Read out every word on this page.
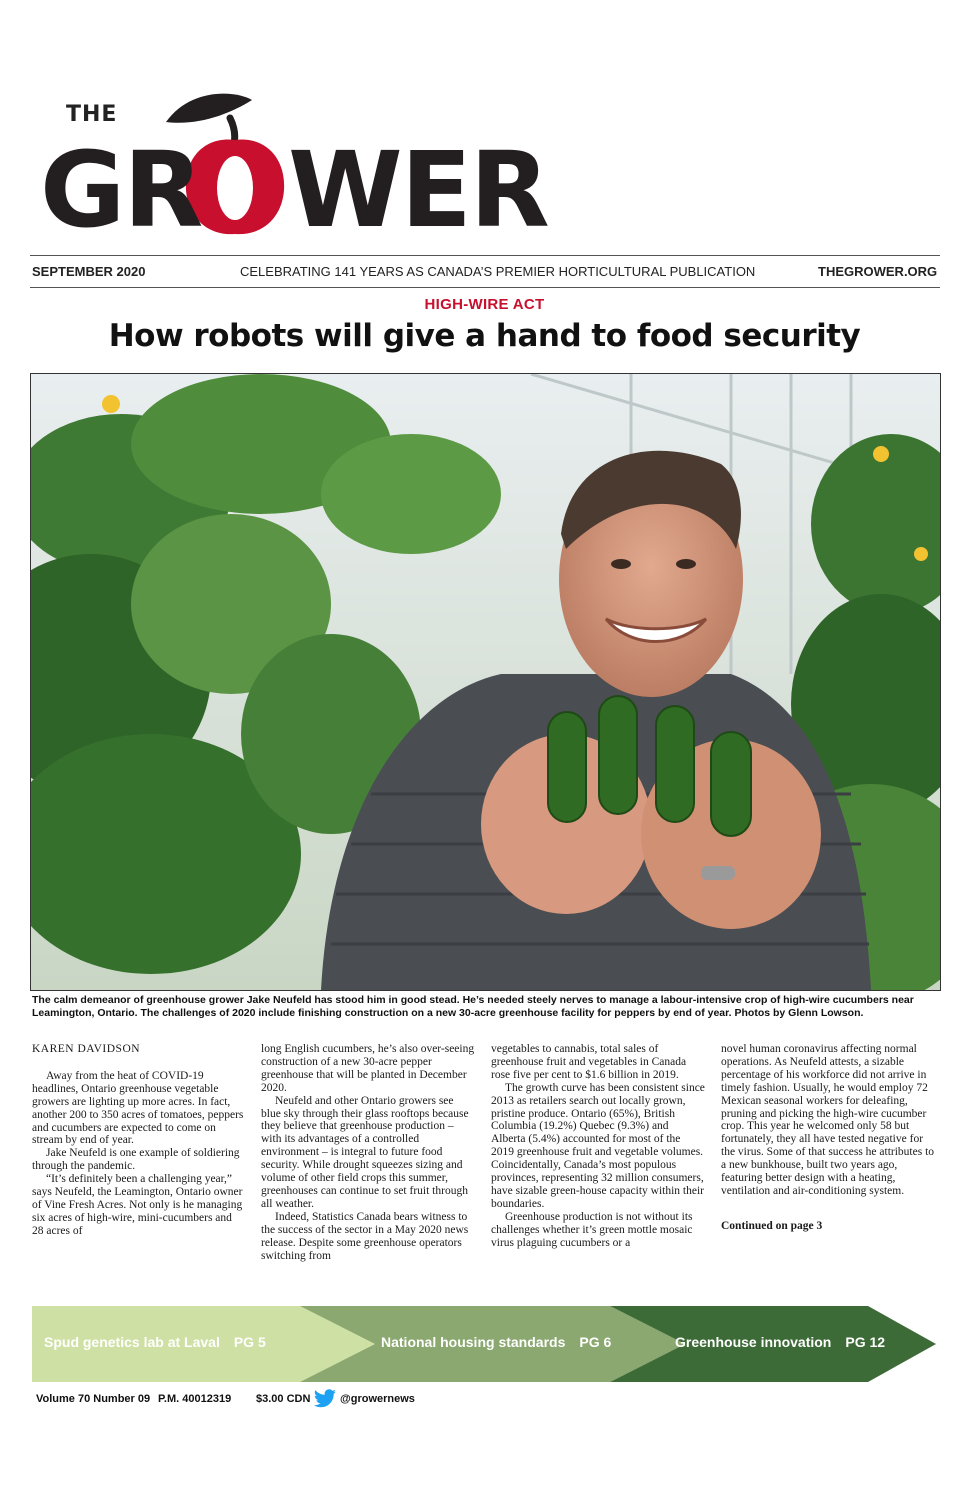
THE
GR WER
SEPTEMBER 2020	CELEBRATING 141 YEARS AS CANADA’S PREMIER HORTICULTURAL PUBLICATION	THEGROWER.ORG
HIGH-WIRE ACT
How robots will give a hand to food security
The calm demeanor of greenhouse grower Jake Neufeld has stood him in good stead. He’s needed steely nerves to manage a labour-intensive crop of high-wire cucumbers near Leamington, Ontario. The challenges of 2020 include finishing construction on a new 30-acre greenhouse facility for peppers by end of year. Photos by Glenn Lowson.

KAREN DAVIDSON

Away from the heat of COVID-19 headlines, Ontario greenhouse vegetable growers are lighting up more acres. In fact, another 200 to 350 acres of tomatoes, peppers and cucumbers are expected to come on stream by end of year.

Jake Neufeld is one example of soldiering through the pandemic.

“It’s definitely been a challenging year,” says Neufeld, the Leamington, Ontario owner of Vine Fresh Acres. Not only is he managing six acres of high-wire, mini-cucumbers and 28 acres of

long English cucumbers, he’s also over-seeing construction of a new 30-acre pepper greenhouse that will be planted in December 2020.

Neufeld and other Ontario growers see blue sky through their glass rooftops because they believe that greenhouse production – with its advantages of a controlled environment – is integral to future food security. While drought squeezes sizing and volume of other field crops this summer, greenhouses can continue to set fruit through all weather.

Indeed, Statistics Canada bears witness to the success of the sector in a May 2020 news release. Despite some greenhouse operators switching from

vegetables to cannabis, total sales of greenhouse fruit and vegetables in Canada rose five per cent to $1.6 billion in 2019.

The growth curve has been consistent since 2013 as retailers search out locally grown, pristine produce. Ontario (65%), British Columbia (19.2%) Quebec (9.3%) and Alberta (5.4%) accounted for most of the 2019 greenhouse fruit and vegetable volumes. Coincidentally, Canada’s most populous provinces, representing 32 million consumers, have sizable green-house capacity within their boundaries.

Greenhouse production is not without its challenges whether it’s green mottle mosaic virus plaguing cucumbers or a

novel human coronavirus affecting normal operations. As Neufeld attests, a sizable percentage of his workforce did not arrive in timely fashion. Usually, he would employ 72 Mexican seasonal workers for deleafing, pruning and picking the high-wire cucumber crop. This year he welcomed only 58 but fortunately, they all have tested negative for the virus. Some of that success he attributes to a new bunkhouse, built two years ago, featuring better design with a heating, ventilation and air-conditioning system.

Continued on page 3

Spud genetics lab at Laval PG 5	National housing standards PG 6	Greenhouse innovation PG 12
Volume 70 Number 09 P.M. 40012319 $3.00 CDN	@growernews
